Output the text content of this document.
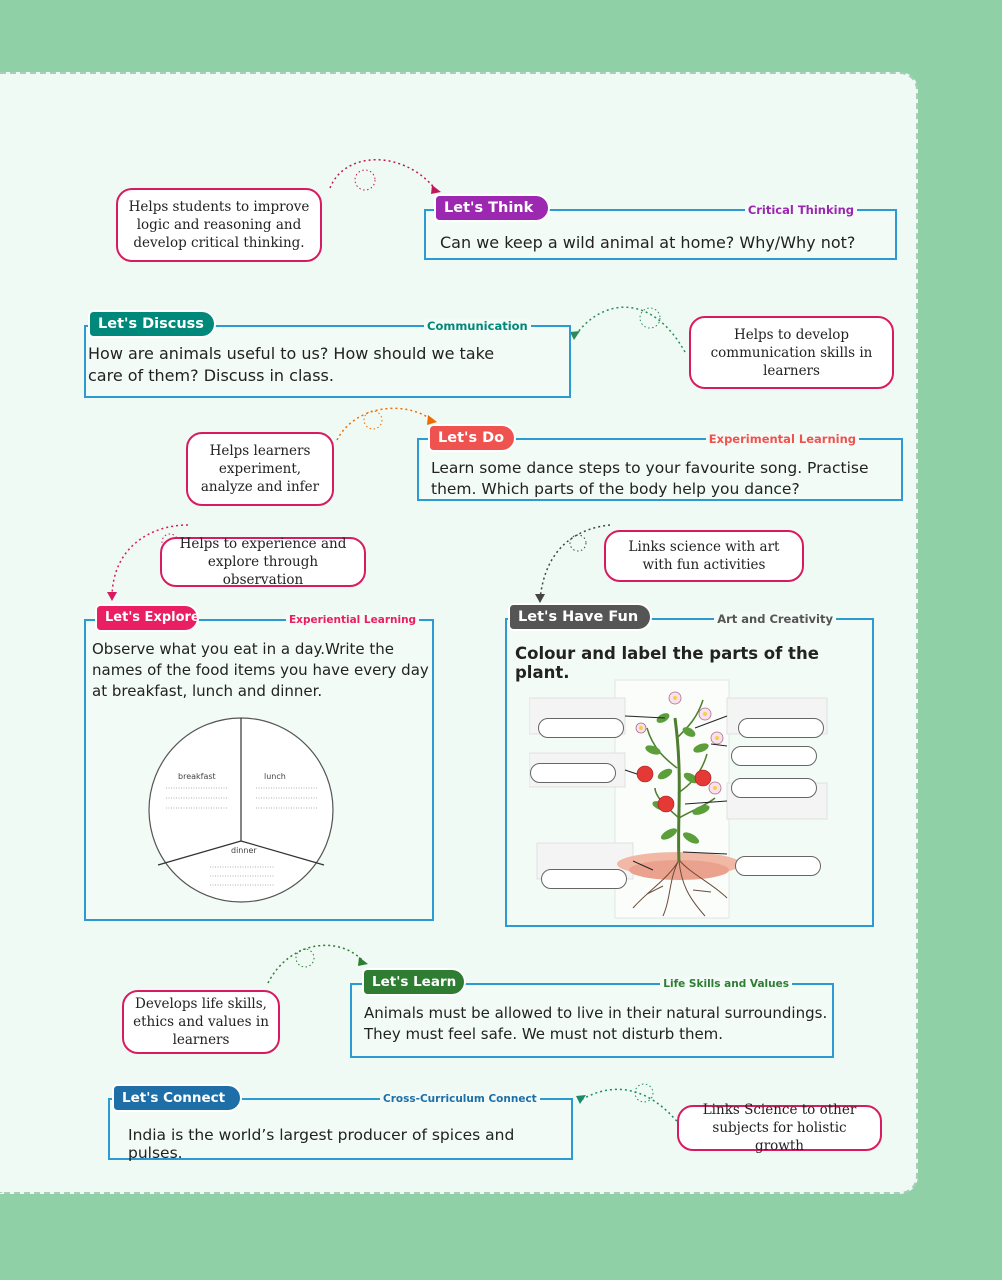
Helps students to improve logic and reasoning and develop critical thinking.
Helps to develop communication skills in learners
Helps learners experiment, analyze and infer
Helps to experience and explore through observation
Links science with art with fun activities
Develops life skills, ethics and values in learners
Links Science to other subjects for holistic growth
Can we keep a wild animal at home? Why/Why not?
Critical Thinking
Let's Think
How are animals useful to us? How should we take care of them? Discuss in class.
Communication
Let's Discuss
Learn some dance steps to your favourite song. Practise them. Which parts of the body help you dance?
Experimental Learning
Let's Do
Observe what you eat in a day.Write the names of the food items you have every day at breakfast, lunch and dinner.
Experiential Learning
breakfast	lunch
dinner
Let's Explore
Colour and label the parts of the plant.
Art and Creativity
Let's Have Fun
Animals must be allowed to live in their natural surroundings. They must feel safe. We must not disturb them.
Life Skills and Values
Let's Learn
India is the world’s largest producer of spices and pulses.
Cross-Curriculum Connect
Let's Connect
